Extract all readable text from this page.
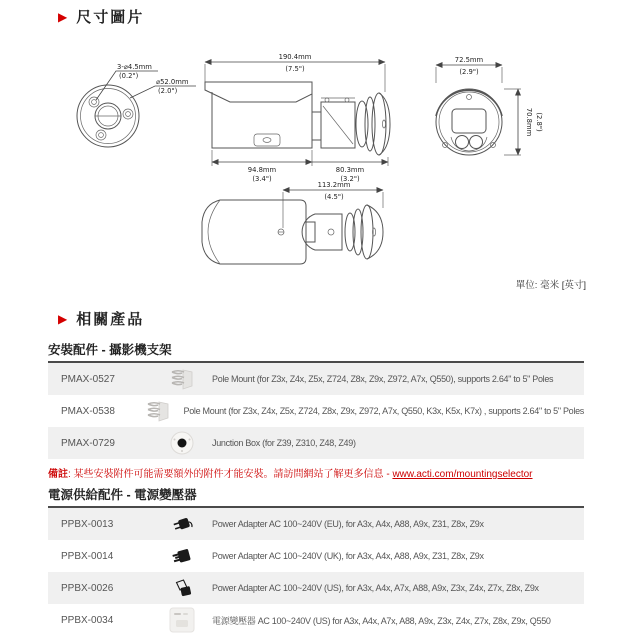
▶ 尺寸圖片
3-⌀4.5mm
(0.2")
⌀52.0mm
(2.0")
190.4mm
(7.5")
94.8mm
(3.4")
80.3mm
(3.2")
72.5mm
(2.9")
70.8mm (2.8")
113.2mm
(4.5")
單位: 毫米 [英寸]
▶ 相關產品
安裝配件 - 攝影機支架
PMAX-0527	Pole Mount (for Z3x, Z4x, Z5x, Z724, Z8x, Z9x, Z972, A7x, Q550), supports 2.64" to 5" Poles
PMAX-0538	Pole Mount (for Z3x, Z4x, Z5x, Z724, Z8x, Z9x, Z972, A7x, Q550, K3x, K5x, K7x) , supports 2.64" to 5" Poles
PMAX-0729	Junction Box (for Z39, Z310, Z48, Z49)
備註: 某些安裝附件可能需要額外的附件才能安裝。請訪問網站了解更多信息 - www.acti.com/mountingselector
電源供給配件 - 電源變壓器
PPBX-0013	Power Adapter AC 100~240V (EU), for A3x, A4x, A88, A9x, Z31, Z8x, Z9x
PPBX-0014	Power Adapter AC 100~240V (UK), for A3x, A4x, A88, A9x, Z31, Z8x, Z9x
PPBX-0026	Power Adapter AC 100~240V (US), for A3x, A4x, A7x, A88, A9x, Z3x, Z4x, Z7x, Z8x, Z9x
PPBX-0034	電源變壓器 AC 100~240V (US) for A3x, A4x, A7x, A88, A9x, Z3x, Z4x, Z7x, Z8x, Z9x, Q550
